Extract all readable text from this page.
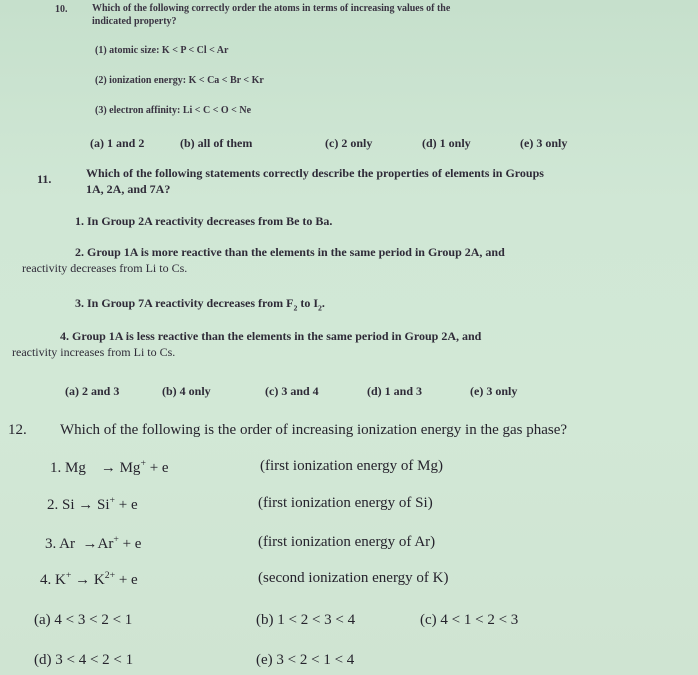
10. Which of the following correctly order the atoms in terms of increasing values of the
indicated property?
(1) atomic size: K < P < Cl < Ar
(2) ionization energy: K < Ca < Br < Kr
(3) electron affinity: Li < C < O < Ne
(a) 1 and 2	(b) all of them	(c) 2 only	(d) 1 only	(e) 3 only
11.	Which of the following statements correctly describe the properties of elements in Groups
1A, 2A, and 7A?
1. In Group 2A reactivity decreases from Be to Ba.
2. Group 1A is more reactive than the elements in the same period in Group 2A, and
reactivity decreases from Li to Cs.
3. In Group 7A reactivity decreases from $F_2$ to $I_2$.
4. Group 1A is less reactive than the elements in the same period in Group 2A, and
reactivity increases from Li to Cs.
(a) 2 and 3	(b) 4 only	(c) 3 and 4	(d) 1 and 3	(e) 3 only
12. Which of the following is the order of increasing ionization energy in the gas phase?
1. Mg    → Mg+ + e	(first ionization energy of Mg)
2. Si → Si+ + e	(first ionization energy of Si)
3. Ar  →Ar+ + e	(first ionization energy of Ar)
4. $K^+ \to K^{2+} + e$	(second ionization energy of K)
(a) 4 < 3 < 2 < 1	(b) 1 < 2 < 3 < 4	(c) 4 < 1 < 2 < 3
(d) 3 < 4 < 2 < 1	(e) 3 < 2 < 1 < 4
